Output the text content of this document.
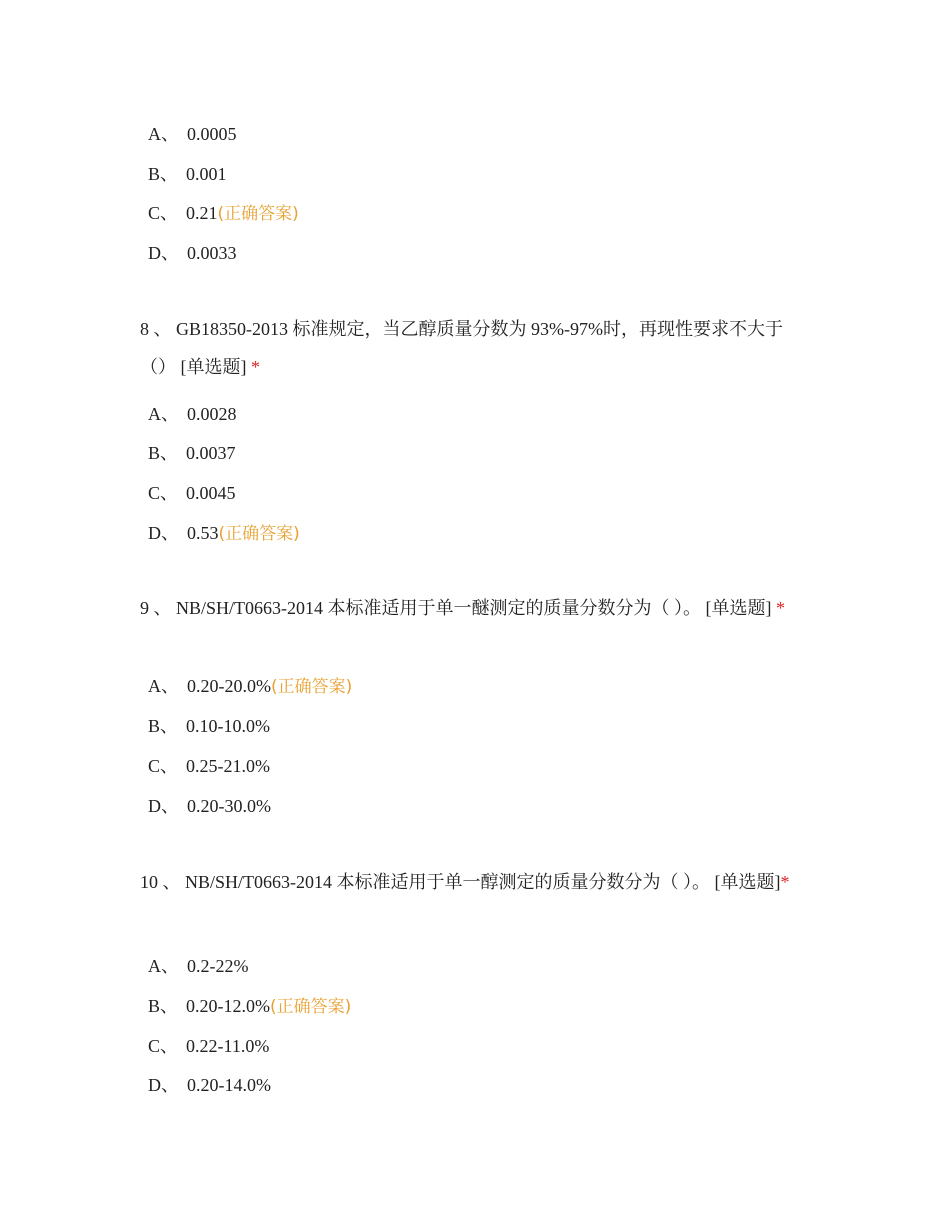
A、 0.0005
B、 0.001
C、 0.21(正确答案)
D、 0.0033
8 、 GB18350-2013 标准规定，当乙醇质量分数为 93%-97%时，再现性要求不大于（） [单选题] *
A、 0.0028
B、 0.0037
C、 0.0045
D、 0.53(正确答案)
9 、 NB/SH/T0663-2014 本标准适用于单一醚测定的质量分数分为（ ）。 [单选题] *
A、 0.20-20.0%(正确答案)
B、 0.10-10.0%
C、 0.25-21.0%
D、 0.20-30.0%
10 、 NB/SH/T0663-2014 本标准适用于单一醇测定的质量分数分为（ ）。 [单选题]*
A、 0.2-22%
B、 0.20-12.0%(正确答案)
C、 0.22-11.0%
D、 0.20-14.0%
